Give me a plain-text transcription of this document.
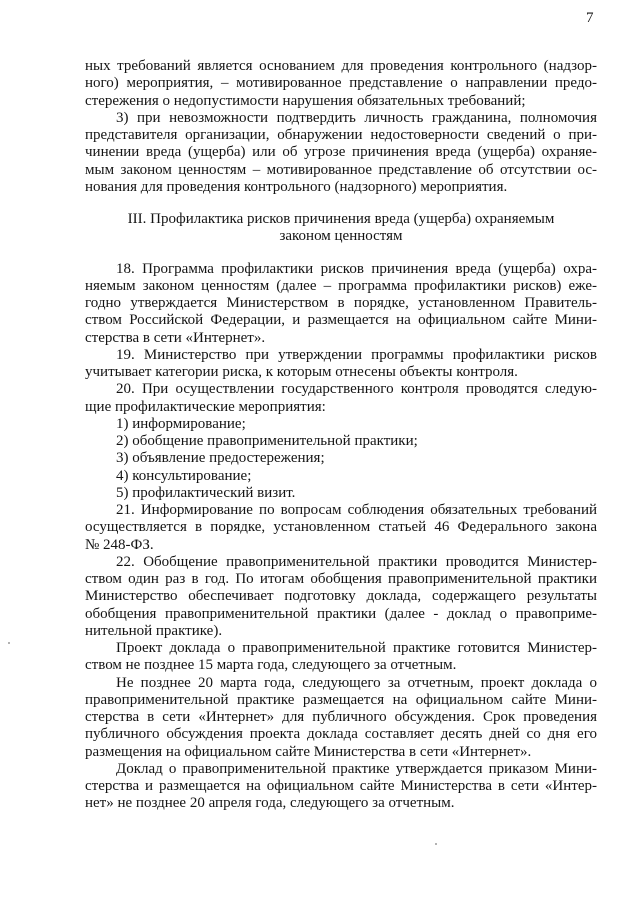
7
ных требований является основанием для проведения контрольного (надзор-
ного) мероприятия, – мотивированное представление о направлении предо-
стережения о недопустимости нарушения обязательных требований;
3) при невозможности подтвердить личность гражданина, полномочия
представителя организации, обнаружении недостоверности сведений о при-
чинении вреда (ущерба) или об угрозе причинения вреда (ущерба) охраняе-
мым законом ценностям – мотивированное представление об отсутствии ос-
нования для проведения контрольного (надзорного) мероприятия.
III. Профилактика рисков причинения вреда (ущерба) охраняемым
законом ценностям
18. Программа профилактики рисков причинения вреда (ущерба) охра-
няемым законом ценностям (далее – программа профилактики рисков) еже-
годно утверждается Министерством в порядке, установленном Правитель-
ством Российской Федерации, и размещается на официальном сайте Мини-
стерства в сети «Интернет».
19. Министерство при утверждении программы профилактики рисков
учитывает категории риска, к которым отнесены объекты контроля.
20. При осуществлении государственного контроля проводятся следую-
щие профилактические мероприятия:
1) информирование;
2) обобщение правоприменительной практики;
3) объявление предостережения;
4) консультирование;
5) профилактический визит.
21. Информирование по вопросам соблюдения обязательных требований
осуществляется в порядке, установленном статьей 46 Федерального закона
№ 248-ФЗ.
22. Обобщение правоприменительной практики проводится Министер-
ством один раз в год. По итогам обобщения правоприменительной практики
Министерство обеспечивает подготовку доклада, содержащего результаты
обобщения правоприменительной практики (далее - доклад о правоприме-
нительной практике).
Проект доклада о правоприменительной практике готовится Министер-
ством не позднее 15 марта года, следующего за отчетным.
Не позднее 20 марта года, следующего за отчетным, проект доклада о
правоприменительной практике размещается на официальном сайте Мини-
стерства в сети «Интернет» для публичного обсуждения. Срок проведения
публичного обсуждения проекта доклада составляет десять дней со дня его
размещения на официальном сайте Министерства в сети «Интернет».
Доклад о правоприменительной практике утверждается приказом Мини-
стерства и размещается на официальном сайте Министерства в сети «Интер-
нет» не позднее 20 апреля года, следующего за отчетным.
